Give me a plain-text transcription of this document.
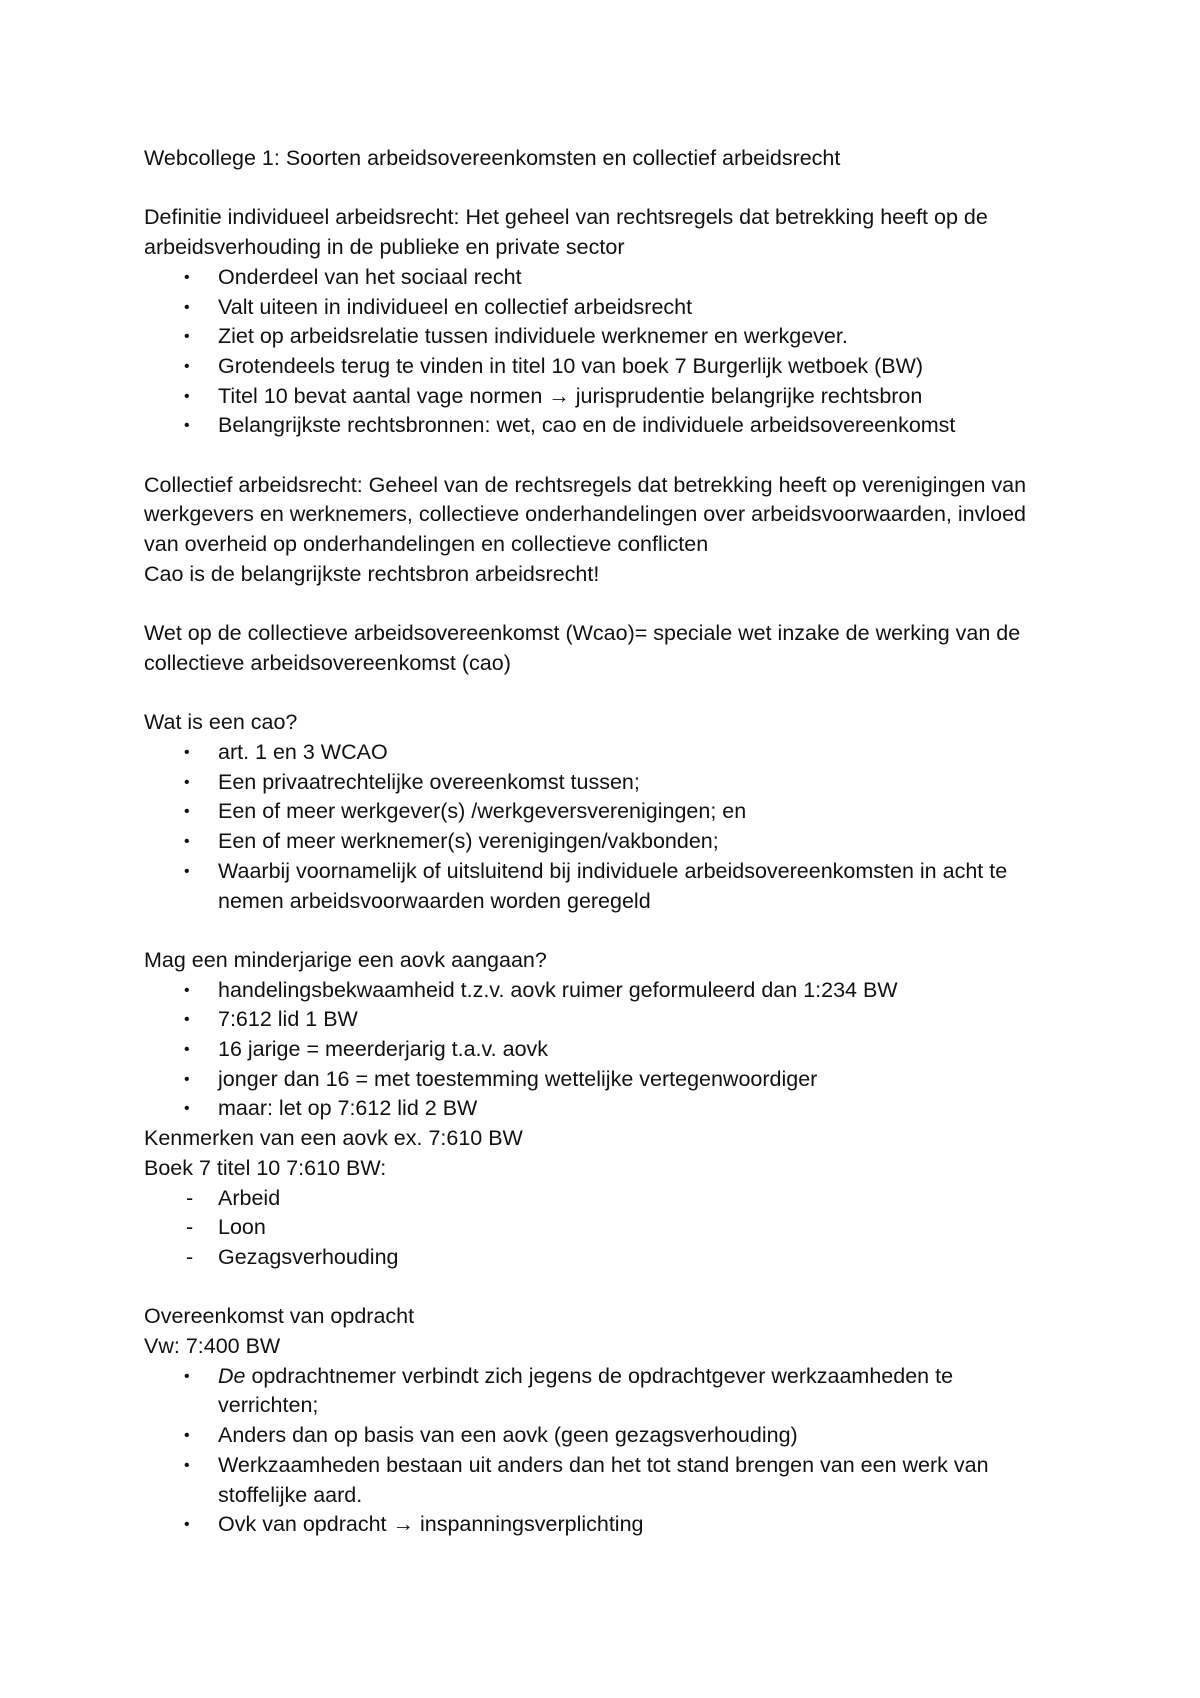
Webcollege 1: Soorten arbeidsovereenkomsten en collectief arbeidsrecht

Definitie individueel arbeidsrecht: Het geheel van rechtsregels dat betrekking heeft op de

arbeidsverhouding in de publieke en private sector

• Onderdeel van het sociaal recht
• Valt uiteen in individueel en collectief arbeidsrecht
• Ziet op arbeidsrelatie tussen individuele werknemer en werkgever.
• Grotendeels terug te vinden in titel 10 van boek 7 Burgerlijk wetboek (BW)
• Titel 10 bevat aantal vage normen → jurisprudentie belangrijke rechtsbron
• Belangrijkste rechtsbronnen: wet, cao en de individuele arbeidsovereenkomst

Collectief arbeidsrecht: Geheel van de rechtsregels dat betrekking heeft op verenigingen van

werkgevers en werknemers, collectieve onderhandelingen over arbeidsvoorwaarden, invloed

van overheid op onderhandelingen en collectieve conflicten

Cao is de belangrijkste rechtsbron arbeidsrecht!

Wet op de collectieve arbeidsovereenkomst (Wcao)= speciale wet inzake de werking van de

collectieve arbeidsovereenkomst (cao)

Wat is een cao?

• art. 1 en 3 WCAO
• Een privaatrechtelijke overeenkomst tussen;
• Een of meer werkgever(s) /werkgeversverenigingen; en
• Een of meer werknemer(s) verenigingen/vakbonden;
• Waarbij voornamelijk of uitsluitend bij individuele arbeidsovereenkomsten in acht te nemen arbeidsvoorwaarden worden geregeld

Mag een minderjarige een aovk aangaan?

• handelingsbekwaamheid t.z.v. aovk ruimer geformuleerd dan 1:234 BW
• 7:612 lid 1 BW
• 16 jarige = meerderjarig t.a.v. aovk
• jonger dan 16 = met toestemming wettelijke vertegenwoordiger
• maar: let op 7:612 lid 2 BW

Kenmerken van een aovk ex. 7:610 BW

Boek 7 titel 10 7:610 BW:

- Arbeid
- Loon
- Gezagsverhouding

Overeenkomst van opdracht

Vw: 7:400 BW

• De opdrachtnemer verbindt zich jegens de opdrachtgever werkzaamheden te verrichten;
• Anders dan op basis van een aovk (geen gezagsverhouding)
• Werkzaamheden bestaan uit anders dan het tot stand brengen van een werk van stoffelijke aard.
• Ovk van opdracht → inspanningsverplichting
